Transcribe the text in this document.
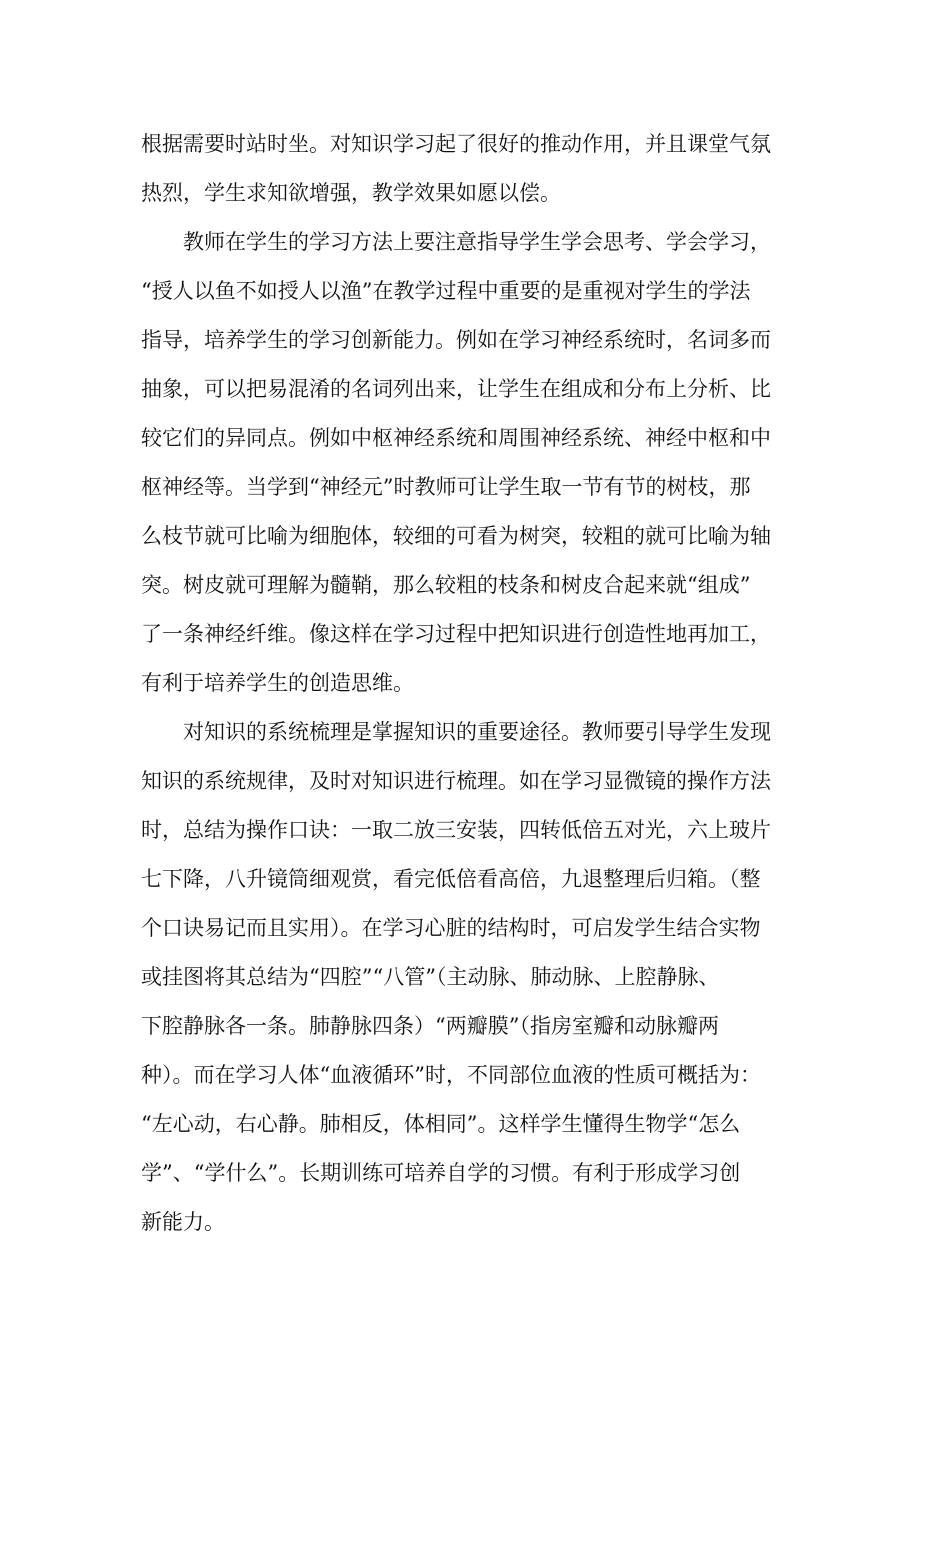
根据需要时站时坐。对知识学习起了很好的推动作用，并且课堂气氛
热烈，学生求知欲增强，教学效果如愿以偿。
教师在学生的学习方法上要注意指导学生学会思考、学会学习，
“授人以鱼不如授人以渔”在教学过程中重要的是重视对学生的学法
指导，培养学生的学习创新能力。例如在学习神经系统时，名词多而
抽象，可以把易混淆的名词列出来，让学生在组成和分布上分析、比
较它们的异同点。例如中枢神经系统和周围神经系统、神经中枢和中
枢神经等。当学到“神经元”时教师可让学生取一节有节的树枝，那
么枝节就可比喻为细胞体，较细的可看为树突，较粗的就可比喻为轴
突。树皮就可理解为髓鞘，那么较粗的枝条和树皮合起来就“组成”
了一条神经纤维。像这样在学习过程中把知识进行创造性地再加工，
有利于培养学生的创造思维。
对知识的系统梳理是掌握知识的重要途径。教师要引导学生发现
知识的系统规律，及时对知识进行梳理。如在学习显微镜的操作方法
时，总结为操作口诀：一取二放三安装，四转低倍五对光，六上玻片
七下降，八升镜筒细观赏，看完低倍看高倍，九退整理后归箱。（整
个口诀易记而且实用）。在学习心脏的结构时，可启发学生结合实物
或挂图将其总结为“四腔”“八管”（主动脉、肺动脉、上腔静脉、
下腔静脉各一条。肺静脉四条）“两瓣膜”（指房室瓣和动脉瓣两
种）。而在学习人体“血液循环”时，不同部位血液的性质可概括为：
“左心动，右心静。肺相反，体相同”。这样学生懂得生物学“怎么
学”、“学什么”。长期训练可培养自学的习惯。有利于形成学习创
新能力。
